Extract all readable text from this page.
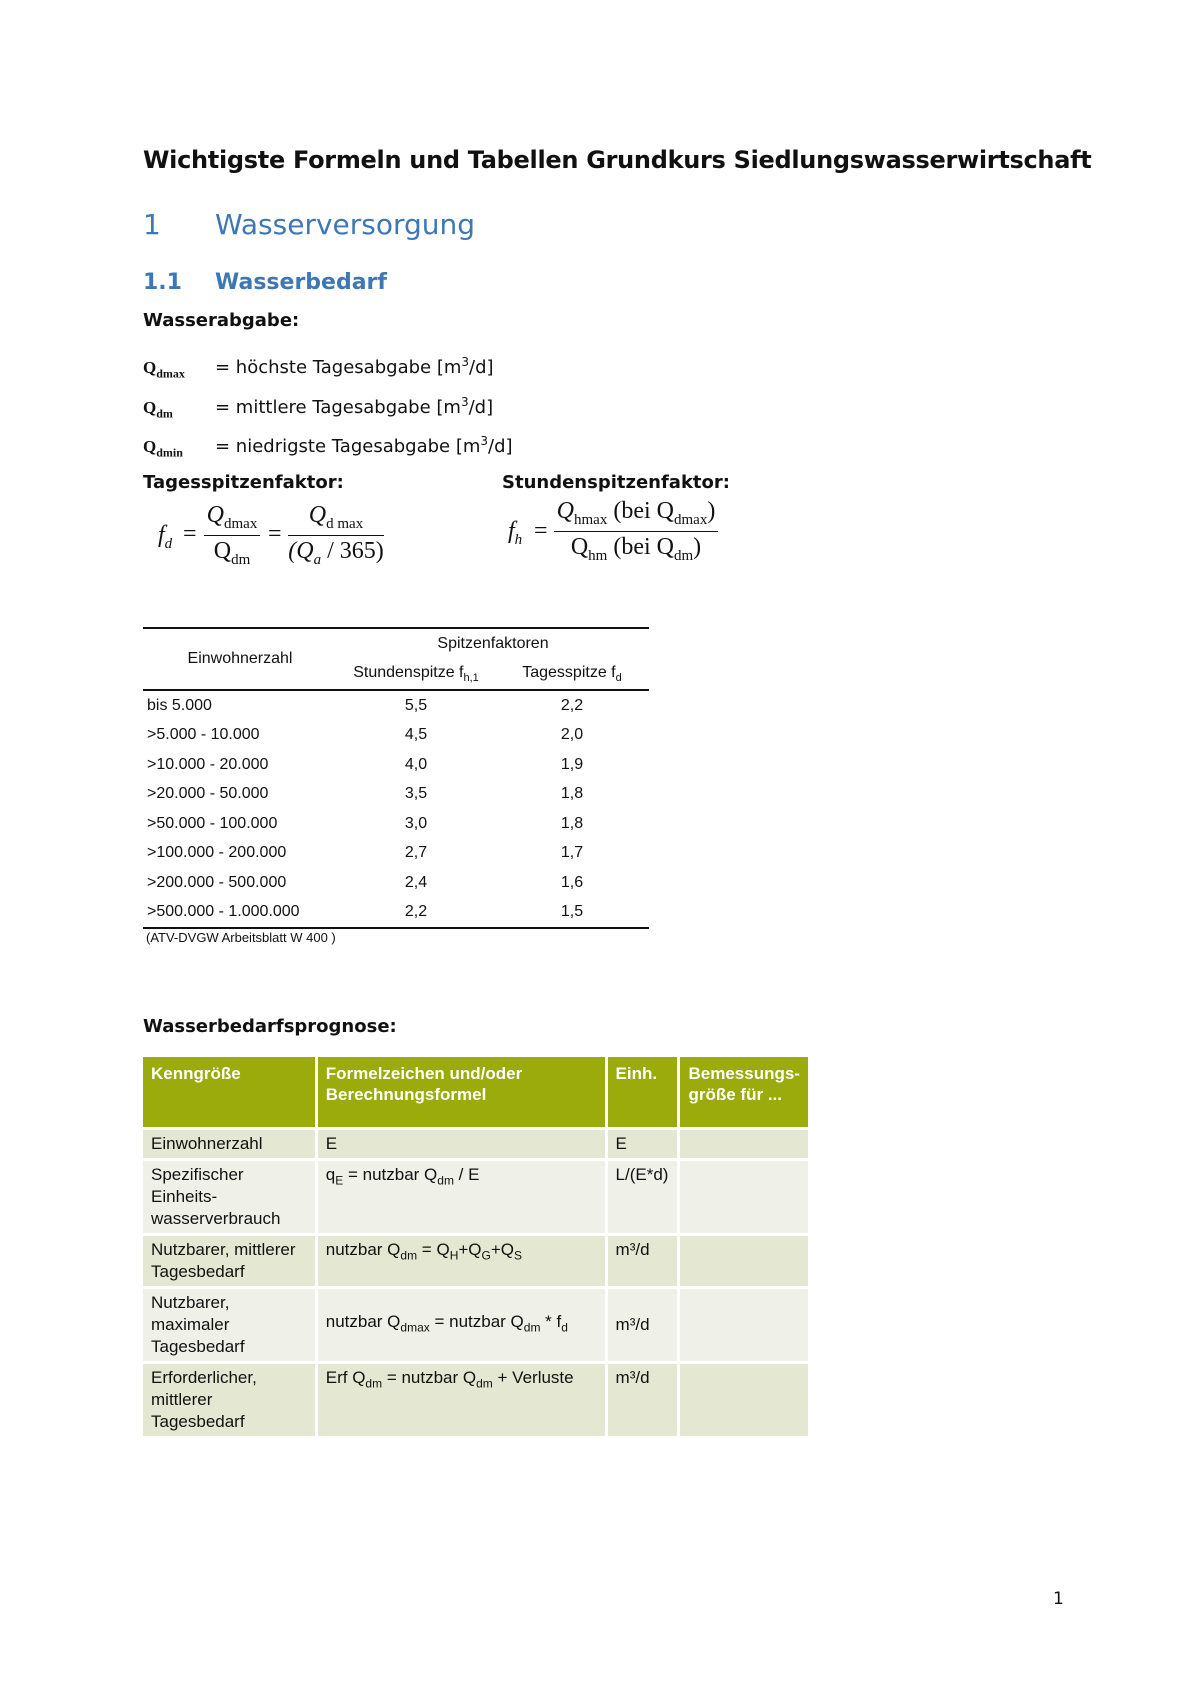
Wichtigste Formeln und Tabellen Grundkurs Siedlungswasserwirtschaft
1 Wasserversorgung
1.1 Wasserbedarf
Wasserabgabe:
$Q_{dmax}$ = höchste Tagesabgabe $[m^3/d]$
$Q_{dm}$ = mittlere Tagesabgabe $[m^3/d]$
$Q_{dmin}$ = niedrigste Tagesabgabe $[m^3/d]$
Tagesspitzenfaktor:	Stundenspitzenfaktor:
$f_d$ =
$Q_{dmax}$
$Q_{dm}$
=
$Q_{d max}$
$(Q_a / 365)$
$f_h$ =
$Q_{hmax}$ (bei $Q_{dmax}$)
$Q_{hm}$ (bei $Q_{dm}$)
Einwohnerzahl	Spitzenfaktoren	
	Stundenspitze $f_{h,1}$	Tagesspitze $f_d$
bis 5.000	5,5	2,2
>5.000 - 10.000	4,5	2,0
>10.000 - 20.000	4,0	1,9
>20.000 - 50.000	3,5	1,8
>50.000 - 100.000	3,0	1,8
>100.000 - 200.000	2,7	1,7
>200.000 - 500.000	2,4	1,6
>500.000 - 1.000.000	2,2	1,5
(ATV-DVGW Arbeitsblatt W 400 )
Wasserbedarfsprognose:
Kenngröße	Formelzeichen und/oder Berechnungsformel	Einh.	Bemessungs-größe für ...
Einwohnerzahl	E	E	
Spezifischer Einheits-wasserverbrauch	$q_E$ = nutzbar $Q_{dm}$ / E	L/(E*d)	
Nutzbarer, mittlerer Tagesbedarf	nutzbar $Q_{dm} = Q_H+Q_G+Q_S$	m³/d	
Nutzbarer, maximaler Tagesbedarf	nutzbar $Q_{dmax}$ = nutzbar $Q_{dm} * f_d$	m³/d	
Erforderlicher, mittlerer Tagesbedarf	Erf $Q_{dm}$ = nutzbar $Q_{dm}$ + Verluste	m³/d	
1
